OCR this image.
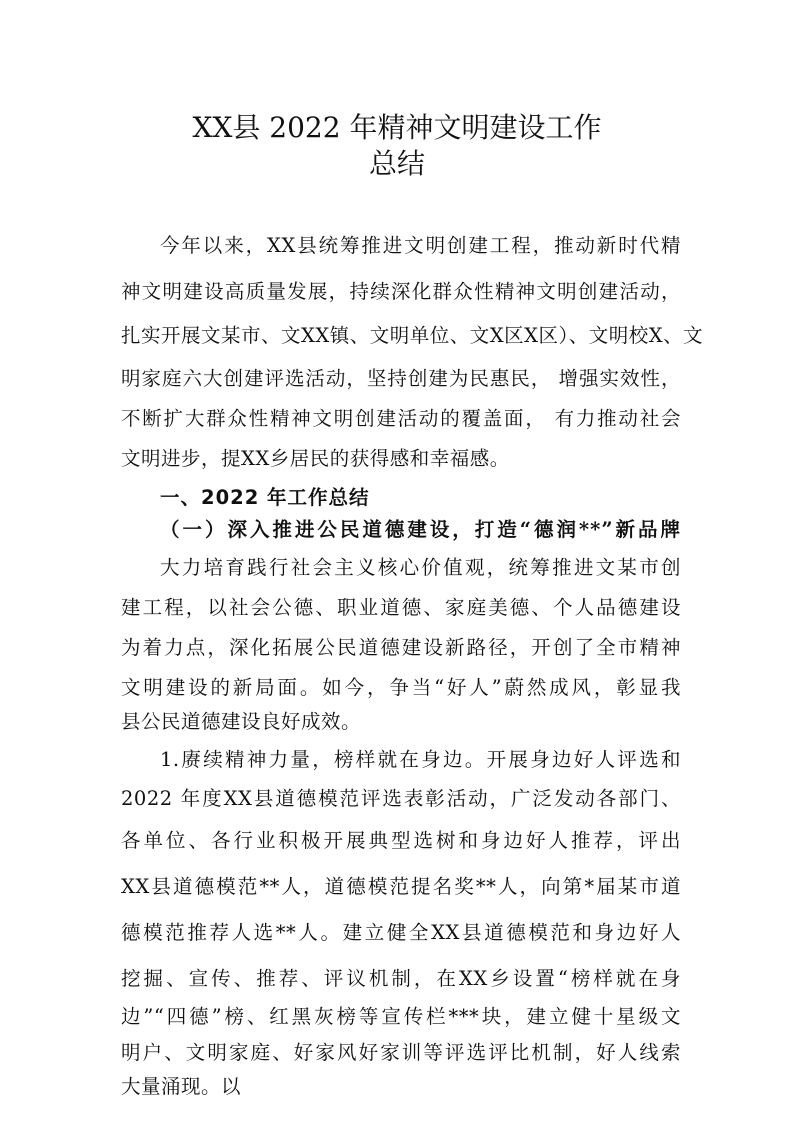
XX县 2022 年精神文明建设工作
总结
今年以来，XX县统筹推进文明创建工程，推动新时代精
神文明建设高质量发展，持续深化群众性精神文明创建活动，
扎实开展文某市、文XX镇、文明单位、文X区X区）、文明校X、文
明家庭六大创建评选活动，坚持创建为民惠民， 增强实效性，
不断扩大群众性精神文明创建活动的覆盖面， 有力推动社会
文明进步，提XX乡居民的获得感和幸福感。
一、2022 年工作总结
（一）深入推进公民道德建设，打造“德润**”新品牌
大力培育践行社会主义核心价值观，统筹推进文某市创
建工程，以社会公德、职业道德、家庭美德、个人品德建设
为着力点，深化拓展公民道德建设新路径，开创了全市精神
文明建设的新局面。如今，争当“好人”蔚然成风，彰显我
县公民道德建设良好成效。
1.赓续精神力量，榜样就在身边。开展身边好人评选和
2022 年度XX县道德模范评选表彰活动，广泛发动各部门、
各单位、各行业积极开展典型选树和身边好人推荐，评出
XX县道德模范**人，道德模范提名奖**人，向第*届某市道
德模范推荐人选**人。建立健全XX县道德模范和身边好人
挖掘、宣传、推荐、评议机制，在XX乡设置“榜样就在身
边”“四德”榜、红黑灰榜等宣传栏***块，建立健十星级文
明户、文明家庭、好家风好家训等评选评比机制，好人线索
大量涌现。以
